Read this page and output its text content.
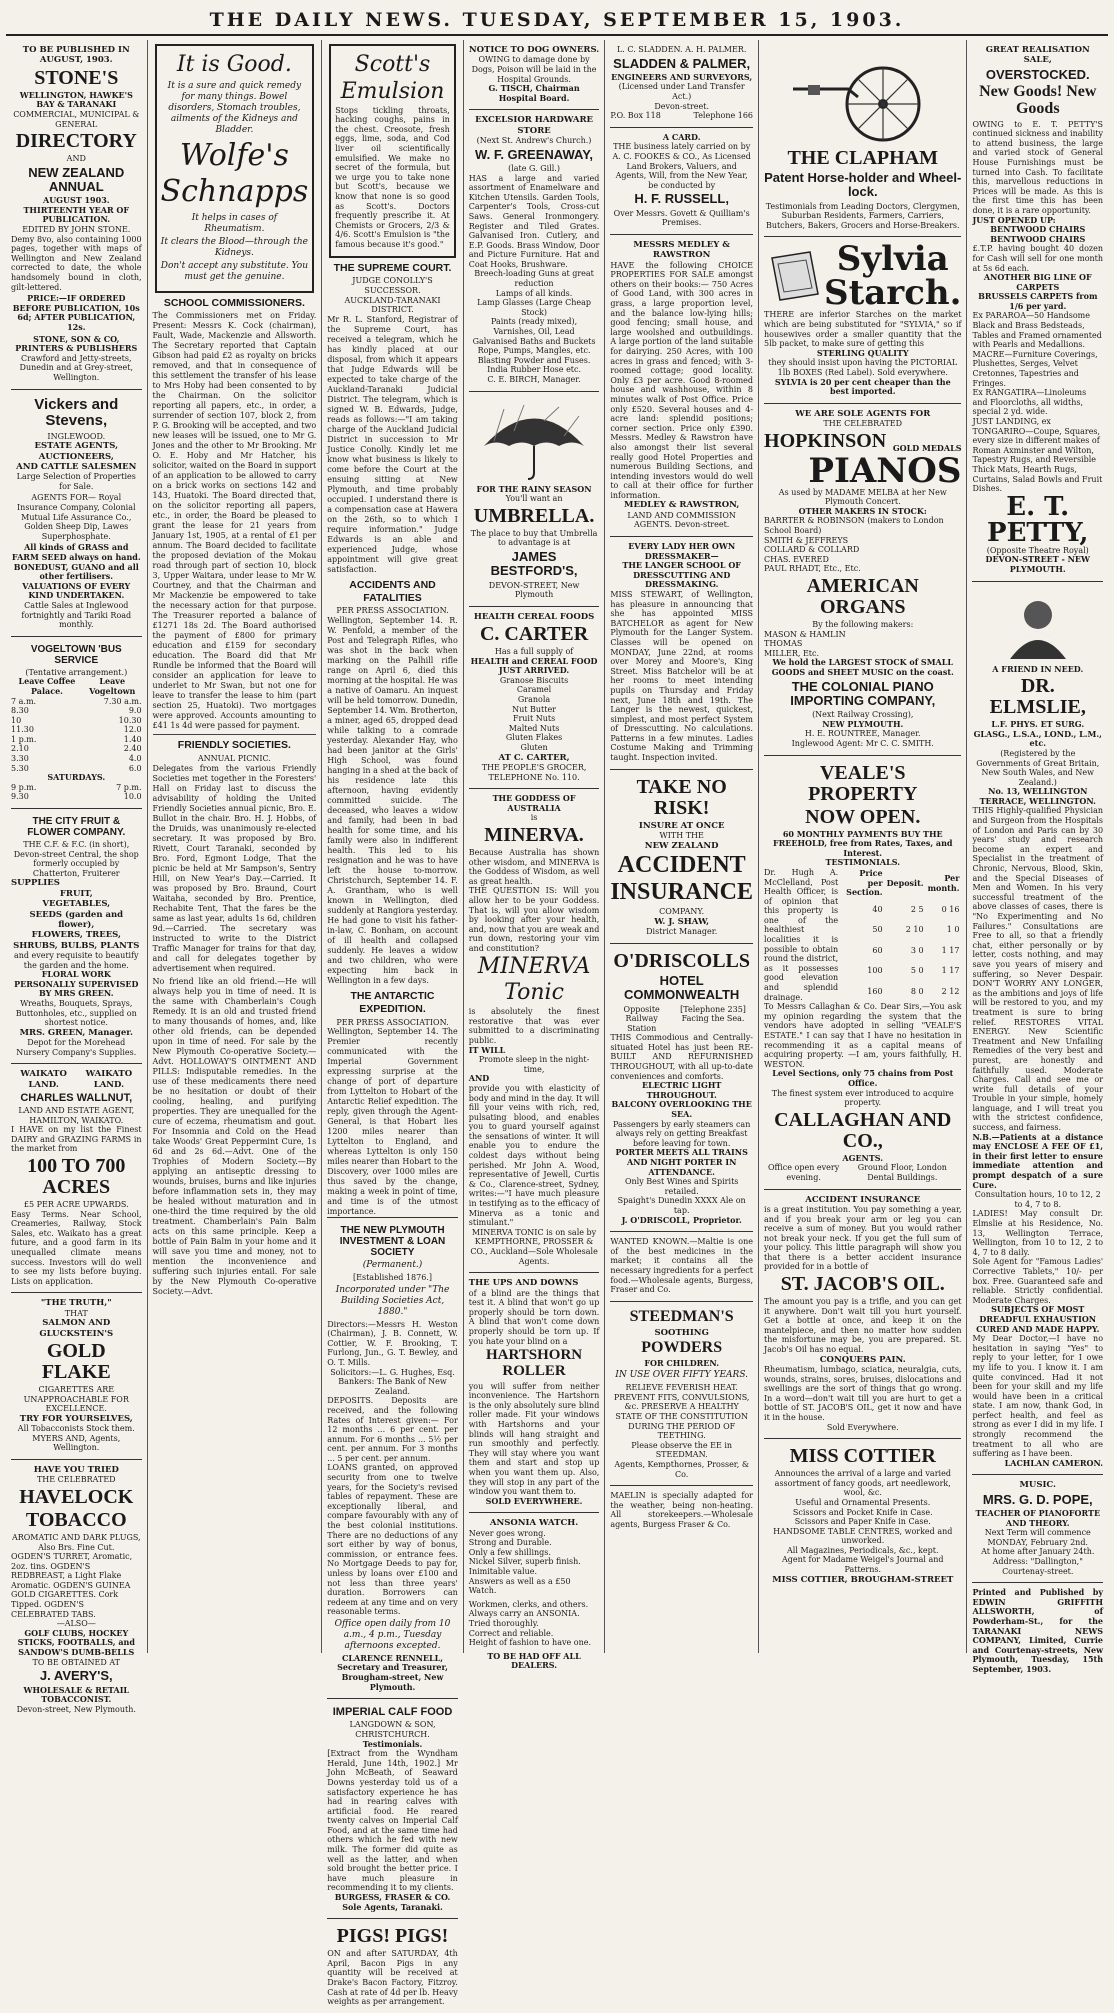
THE DAILY NEWS. TUESDAY, SEPTEMBER 15, 1903.
TO BE PUBLISHED IN AUGUST, 1903.
STONE'S
WELLINGTON, HAWKE'S BAY & TARANAKI
COMMERCIAL, MUNICIPAL & GENERAL
DIRECTORY
AND
NEW ZEALAND ANNUAL
AUGUST 1903. THIRTEENTH YEAR OF PUBLICATION.
EDITED BY JOHN STONE.
Demy 8vo, also containing 1000 pages, together with maps of Wellington and New Zealand corrected to date, the whole handsomely bound in cloth, gilt-lettered.
PRICE:—IF ORDERED BEFORE PUBLICATION, 10s 6d; AFTER PUBLICATION, 12s.
STONE, SON & CO, PRINTERS & PUBLISHERS
Crawford and Jetty-streets, Dunedin and at Grey-street, Wellington.
Vickers and Stevens,
INGLEWOOD.
ESTATE AGENTS,
AUCTIONEERS,
AND CATTLE SALESMEN
Large Selection of Properties for Sale.
AGENTS FOR— Royal Insurance Company, Colonial Mutual Life Assurance Co., Golden Sheep Dip, Lawes Superphosphate.
All kinds of GRASS and FARM SEED always on hand.
BONEDUST, GUANO and all other fertilisers.
VALUATIONS OF EVERY KIND UNDERTAKEN.
Cattle Sales at Inglewood fortnightly and Tariki Road monthly.
VOGELTOWN 'BUS SERVICE
(Tentative arrangement.)
Leave Coffee Palace.
Leave Vogeltown
7 a.m.	7.30 a.m.
8.30	9.0
10	10.30
11.30	12.0
1 p.m.	1.40
2.10	2.40
3.30	4.0
5.30	6.0
SATURDAYS.
9 p.m.	7 p.m.
9.30	10.0
THE CITY FRUIT & FLOWER COMPANY.
THE C.F. & F.C. (in short),
Devon-street Central, the shop formerly occupied by Chatterton, Fruiterer
SUPPLIES
FRUIT,
VEGETABLES,
SEEDS (garden and flower),
FLOWERS, TREES,
SHRUBS, BULBS, PLANTS
and every requisite to beautify the garden and the home.
FLORAL WORK PERSONALLY SUPERVISED BY MRS GREEN.
Wreaths, Bouquets, Sprays, Buttonholes, etc., supplied on shortest notice.
MRS. GREEN, Manager.
Depot for the Morehead Nursery Company's Supplies.
WAIKATO LAND.
WAIKATO LAND.
CHARLES WALLNUT,
LAND AND ESTATE AGENT,
HAMILTON, WAIKATO.
I HAVE on my list the Finest DAIRY and GRAZING FARMS in the market from
100 TO 700 ACRES
£5 PER ACRE UPWARDS.
Easy Terms. Near School, Creameries, Railway, Stock Sales, etc. Waikato has a great future, and a good farm in its unequalled climate means success. Investors will do well to see my lists before buying. Lists on application.
"THE TRUTH,"
THAT
SALMON AND GLUCKSTEIN'S
GOLD FLAKE
CIGARETTES ARE UNAPPROACHABLE FOR EXCELLENCE.
TRY FOR YOURSELVES,
All Tobacconists Stock them.
MYERS AND, Agents, Wellington.
HAVE YOU TRIED
THE CELEBRATED
HAVELOCK
TOBACCO
AROMATIC AND DARK PLUGS, Also Brs. Fine Cut.
OGDEN'S TURRET, Aromatic, 2oz. tins. OGDEN'S REDBREAST, a Light Flake Aromatic. OGDEN'S GUINEA GOLD CIGARETTES. Cork Tipped. OGDEN'S CELEBRATED TABS.
—ALSO—
GOLF CLUBS, HOCKEY STICKS, FOOTBALLS, and SANDOW'S DUMB-BELLS
TO BE OBTAINED AT
J. AVERY'S,
WHOLESALE & RETAIL TOBACCONIST.
Devon-street, New Plymouth.
It is Good.
It is a sure and quick remedy for many things. Bowel disorders, Stomach troubles, ailments of the Kidneys and Bladder.
Wolfe's
Schnapps
It helps in cases of Rheumatism.
It clears the Blood—through the Kidneys.
Don't accept any substitute. You must get the genuine.
SCHOOL COMMISSIONERS.
The Commissioners met on Friday. Present: Messrs K. Cock (chairman), Fault, Wade, Mackenzie and Allsworth. The Secretary reported that Captain Gibson had paid £2 as royalty on bricks removed, and that in consequence of this settlement the transfer of his lease to Mrs Hoby had been consented to by the Chairman. On the solicitor reporting all papers, etc., in order, a surrender of section 107, block 2, from P. G. Brooking will be accepted, and two new leases will be issued, one to Mr G. Jones and the other to Mr Brooking. Mr O. E. Hoby and Mr Hatcher, his solicitor, waited on the Board in support of an application to be allowed to carry on a brick works on sections 142 and 143, Huatoki. The Board directed that, on the solicitor reporting all papers, etc., in order, the Board be pleased to grant the lease for 21 years from January 1st, 1905, at a rental of £1 per annum. The Board decided to facilitate the proposed deviation of the Mokau road through part of section 10, block 3, Upper Waitara, under lease to Mr W. Courtney, and that the Chairman and Mr Mackenzie be empowered to take the necessary action for that purpose. The Treasurer reported a balance of £1271 18s 2d. The Board authorised the payment of £800 for primary education and £159 for secondary education. The Board did that Mr Rundle be informed that the Board will consider an application for leave to underlet to Mr Swan, but not one for leave to transfer the lease to him (part section 25, Huatoki). Two mortgages were approved. Accounts amounting to £41 1s 4d were passed for payment.
FRIENDLY SOCIETIES.
ANNUAL PICNIC.
Delegates from the various Friendly Societies met together in the Foresters' Hall on Friday last to discuss the advisability of holding the United Friendly Societies annual picnic, Bro. E. Bullot in the chair. Bro. H. J. Hobbs, of the Druids, was unanimously re-elected secretary. It was proposed by Bro. Rivett, Court Taranaki, seconded by Bro. Ford, Egmont Lodge, That the picnic be held at Mr Sampson's, Sentry Hill, on New Year's Day.—Carried. It was proposed by Bro. Braund, Court Waitaha, seconded by Bro. Prentice, Rechabite Tent, That the fares be the same as last year, adults 1s 6d, children 9d.—Carried. The secretary was instructed to write to the District Traffic Manager for trains for that day, and call for delegates together by advertisement when required.
No friend like an old friend.—He will always help you in time of need. It is the same with Chamberlain's Cough Remedy. It is an old and trusted friend to many thousands of homes, and, like other old friends, can be depended upon in time of need. For sale by the New Plymouth Co-operative Society.—Advt. HOLLOWAY'S OINTMENT AND PILLS: Indisputable remedies. In the use of these medicaments there need be no hesitation or doubt of their cooling, healing, and purifying properties. They are unequalled for the cure of eczema, rheumatism and gout. For Insomnia and Cold on the Head take Woods' Great Peppermint Cure, 1s 6d and 2s 6d.—Advt. One of the Trophies of Modern Society.—By applying an antiseptic dressing to wounds, bruises, burns and like injuries before inflammation sets in, they may be healed without maturation and in one-third the time required by the old treatment. Chamberlain's Pain Balm acts on this same principle. Keep a bottle of Pain Balm in your home and it will save you time and money, not to mention the inconvenience and suffering such injuries entail. For sale by the New Plymouth Co-operative Society.—Advt.
Scott's Emulsion
Stops tickling throats, hacking coughs, pains in the chest. Creosote, fresh eggs, lime, soda, and Cod liver oil scientifically emulsified. We make no secret of the formula, but we urge you to take none but Scott's, because we know that none is so good as Scott's. Doctors frequently prescribe it. At Chemists or Grocers, 2/3 & 4/6. Scott's Emulsion is "the famous because it's good."
THE SUPREME COURT.
JUDGE CONOLLY'S SUCCESSOR.
AUCKLAND-TARANAKI DISTRICT.
Mr R. L. Stanford, Registrar of the Supreme Court, has received a telegram, which he has kindly placed at our disposal, from which it appears that Judge Edwards will be expected to take charge of the Auckland-Taranaki Judicial District. The telegram, which is signed W. B. Edwards, Judge, reads as follows:—"I am taking charge of the Auckland Judicial District in succession to Mr Justice Conolly. Kindly let me know what business is likely to come before the Court at the ensuing sitting at New Plymouth, and time probably occupied. I understand there is a compensation case at Hawera on the 26th, so to which I require information." Judge Edwards is an able and experienced Judge, whose appointment will give great satisfaction.
ACCIDENTS AND FATALITIES
PER PRESS ASSOCIATION.
Wellington, September 14. R. W. Penfold, a member of the Post and Telegraph Rifles, who was shot in the back when marking on the Palhill rifle range on April 6, died this morning at the hospital. He was a native of Oamaru. An inquest will be held tomorrow. Dunedin, September 14. Wm. Brotherton, a miner, aged 65, dropped dead while talking to a comrade yesterday. Alexander Hay, who had been janitor at the Girls' High School, was found hanging in a shed at the back of his residence late this afternoon, having evidently committed suicide. The deceased, who leaves a widow and family, had been in bad health for some time, and his family were also in indifferent health. This led to his resignation and he was to have left the house to-morrow. Christchurch, September 14. F. A. Grantham, who is well known in Wellington, died suddenly at Rangiora yesterday. He had gone to visit his father-in-law, C. Bonham, on account of ill health and collapsed suddenly. He leaves a widow and two children, who were expecting him back in Wellington in a few days.
THE ANTARCTIC EXPEDITION.
PER PRESS ASSOCIATION.
Wellington, September 14. The Premier recently communicated with the Imperial Government expressing surprise at the change of port of departure from Lyttelton to Hobart of the Antarctic Relief expedition. The reply, given through the Agent-General, is that Hobart lies 1200 miles nearer than Lyttelton to England, and whereas Lyttelton is only 150 miles nearer than Hobart to the Discovery, over 1000 miles are thus saved by the change, making a week in point of time, and time is of the utmost importance.
THE NEW PLYMOUTH INVESTMENT & LOAN SOCIETY
(Permanent.)
[Established 1876.]
Incorporated under "The Building Societies Act, 1880."
Directors:—Messrs H. Weston (Chairman), J. B. Connett, W. Cottier, W. F. Brooking, T. Furlong, Jun., G. T. Bewley, and O. T. Mills.
Solicitors:—L. G. Hughes, Esq.
Bankers: The Bank of New Zealand.
DEPOSITS. Deposits are received, and the following Rates of Interest given:— For 12 months ... 6 per cent. per annum. For 6 months ... 5½ per cent. per annum. For 3 months ... 5 per cent. per annum.
LOANS granted, on approved security from one to twelve years, for the Society's revised tables of repayment. These are exceptionally liberal, and compare favourably with any of the best colonial institutions. There are no deductions of any sort either by way of bonus, commission, or entrance fees. No Mortgage Deeds to pay for, unless by loans over £100 and not less than three years' duration. Borrowers can redeem at any time and on very reasonable terms.
Office open daily from 10 a.m., 4 p.m., Tuesday afternoons excepted.
CLARENCE RENNELL, Secretary and Treasurer, Brougham-street, New Plymouth.
IMPERIAL CALF FOOD
LANGDOWN & SON, CHRISTCHURCH.
Testimonials.
[Extract from the Wyndham Herald, June 14th, 1902.] Mr John McBeath, of Seaward Downs yesterday told us of a satisfactory experience he has had in rearing calves with artificial food. He reared twenty calves on Imperial Calf Food, and at the same time had others which he fed with new milk. The former did quite as well as the latter, and when sold brought the better price. I have much pleasure in recommending it to my clients.
BURGESS, FRASER & CO. Sole Agents, Taranaki.
PIGS! PIGS!
ON and after SATURDAY, 4th April, Bacon Pigs in any quantity will be received at Drake's Bacon Factory, Fitzroy. Cash at rate of 4d per lb. Heavy weights as per arrangement.
NOTICE TO DOG OWNERS.
OWING to damage done by Dogs, Poison will be laid in the Hospital Grounds.
G. TISCH, Chairman Hospital Board.
EXCELSIOR HARDWARE STORE
(Next St. Andrew's Church.)
W. F. GREENAWAY,
(late G. Gill.)
HAS a large and varied assortment of Enamelware and Kitchen Utensils. Garden Tools, Carpenter's Tools, Cross-cut Saws. General Ironmongery. Register and Tiled Grates. Galvanised Iron. Cutlery, and E.P. Goods. Brass Window, Door and Picture Furniture. Hat and Coat Hooks, Brushware.
Breech-loading Guns at great reduction
Lamps of all kinds.
Lamp Glasses (Large Cheap Stock)
Paints (ready mixed), Varnishes, Oil, Lead
Galvanised Baths and Buckets
Rope, Pumps, Mangles, etc.
Blasting Powder and Fuses.
India Rubber Hose etc.
C. E. BIRCH, Manager.
FOR THE RAINY SEASON
You'll want an
UMBRELLA.
The place to buy that Umbrella to advantage is at
JAMES BESTFORD'S,
DEVON-STREET, New Plymouth
HEALTH CEREAL FOODS
C. CARTER
Has a full supply of
HEALTH and CEREAL FOOD JUST ARRIVED.
Granose Biscuits
Caramel
Granola
Nut Butter
Fruit Nuts
Malted Nuts
Gluten Flakes
Gluten
AT C. CARTER,
THE PEOPLE'S GROCER,
TELEPHONE No. 110.
THE GODDESS OF AUSTRALIA
is
MINERVA.
Because Australia has shown other wisdom, and MINERVA is the Goddess of Wisdom, as well as great health.
THE QUESTION IS: Will you allow her to be your Goddess. That is, will you allow wisdom by looking after your health, and, now that you are weak and run down, restoring your vim and constitution?
MINERVA Tonic
is absolutely the finest restorative that was ever submitted to a discriminating public.
IT WILL
Promote sleep in the night-time,
AND
provide you with elasticity of body and mind in the day. It will fill your veins with rich, red, pulsating blood, and enables you to guard yourself against the sensations of winter. It will enable you to endure the coldest days without being perished. Mr John A. Wood, representative of Jewell, Curtis & Co., Clarence-street, Sydney, writes:—"I have much pleasure in testifying as to the efficacy of Minerva as a tonic and stimulant."
MINERVA TONIC is on sale by KEMPTHORNE, PROSSER & CO., Auckland—Sole Wholesale Agents.
THE UPS AND DOWNS
of a blind are the things that test it. A blind that won't go up properly should be torn down. A blind that won't come down properly should be torn up. If you hate your blind on a
HARTSHORN ROLLER
you will suffer from neither inconvenience. The Hartshorn is the only absolutely sure blind roller made. Fit your windows with Hartshorns and your blinds will hang straight and run smoothly and perfectly. They will stay where you want them and start and stop up when you want them up. Also, they will stop in any part of the window you want them to.
SOLD EVERYWHERE.
ANSONIA WATCH.
Never goes wrong.
Strong and Durable.
Only a few shillings.
Nickel Silver, superb finish.
Inimitable value.
Answers as well as a £50 Watch.
Workmen, clerks, and others.
Always carry an ANSONIA.
Tried thoroughly.
Correct and reliable.
Height of fashion to have one.
TO BE HAD OFF ALL DEALERS.
L. C. SLADDEN. A. H. PALMER.
SLADDEN & PALMER,
ENGINEERS AND SURVEYORS,
(Licensed under Land Transfer Act.)
Devon-street.
P.O. Box 118	Telephone 166
A CARD.
THE business lately carried on by A. C. FOOKES & CO., As Licensed Land Brokers, Valuers, and Agents, Will, from the New Year, be conducted by
H. F. RUSSELL,
Over Messrs. Govett & Quilliam's Premises.
MESSRS MEDLEY & RAWSTRON
HAVE the following CHOICE PROPERTIES FOR SALE amongst others on their books:— 750 Acres of Good Land, with 300 acres in grass, a large proportion level, and the balance low-lying hills; good fencing; small house, and large woolshed and outbuildings. A large portion of the land suitable for dairying. 250 Acres, with 100 acres in grass and fenced; with 3-roomed cottage; good locality. Only £3 per acre. Good 8-roomed house and washhouse, within 8 minutes walk of Post Office. Price only £520. Several houses and 4-acre land: splendid positions; corner section. Price only £390. Messrs. Medley & Rawstron have also amongst their list several really good Hotel Properties and numerous Building Sections, and intending investors would do well to call at their office for further information.
MEDLEY & RAWSTRON,
LAND AND COMMISSION AGENTS. Devon-street.
EVERY LADY HER OWN DRESSMAKER—
THE LANGER SCHOOL OF DRESSCUTTING AND DRESSMAKING.
MISS STEWART, of Wellington, has pleasure in announcing that she has appointed MISS BATCHELOR as agent for New Plymouth for the Langer System. Classes will be opened on MONDAY, June 22nd, at rooms over Morey and Moore's, King Street. Miss Batchelor will be at her rooms to meet intending pupils on Thursday and Friday next, June 18th and 19th. The Langer is the newest, quickest, simplest, and most perfect System of Dresscutting. No calculations. Patterns in a few minutes. Ladies Costume Making and Trimming taught. Inspection invited.
TAKE NO RISK!
INSURE AT ONCE
WITH THE
NEW ZEALAND
ACCIDENT
INSURANCE
COMPANY.
W. J. SHAW,
District Manager.
O'DRISCOLLS
HOTEL COMMONWEALTH
Opposite Railway Station
[Telephone 235] Facing the Sea.
THIS Commodious and Centrally-situated Hotel has just been RE-BUILT AND REFURNISHED THROUGHOUT, with all up-to-date conveniences and comforts.
ELECTRIC LIGHT THROUGHOUT.
BALCONY OVERLOOKING THE SEA.
Passengers by early steamers can always rely on getting Breakfast before leaving for town.
PORTER MEETS ALL TRAINS AND NIGHT PORTER IN ATTENDANCE.
Only Best Wines and Spirits retailed.
Spaight's Dunedin XXXX Ale on tap.
J. O'DRISCOLL, Proprietor.
WANTED KNOWN.—Maltie is one of the best medicines in the market; it contains all the necessary ingredients for a perfect food.—Wholesale agents, Burgess, Fraser and Co.
STEEDMAN'S
SOOTHING
POWDERS
FOR CHILDREN.
IN USE OVER FIFTY YEARS.
RELIEVE FEVERISH HEAT. PREVENT FITS, CONVULSIONS, &c. PRESERVE A HEALTHY STATE OF THE CONSTITUTION DURING THE PERIOD OF TEETHING.
Please observe the EE in STEEDMAN.
Agents, Kempthornes, Prosser, & Co.
MAELIN is specially adapted for the weather, being non-heating. All storekeepers.—Wholesale agents, Burgess Fraser & Co.
THE CLAPHAM
Patent Horse-holder and Wheel-lock.
Testimonials from Leading Doctors, Clergymen, Suburban Residents, Farmers, Carriers, Butchers, Bakers, Grocers and Horse-Breakers.
Sylvia
Starch.
THERE are inferior Starches on the market which are being substituted for "SYLVIA," so if housewives order a smaller quantity that the 5lb packet, to make sure of getting this
STERLING QUALITY
they should insist upon having the PICTORIAL 1lb BOXES (Red Label). Sold everywhere.
SYLVIA is 20 per cent cheaper than the best imported.
WE ARE SOLE AGENTS FOR
THE CELEBRATED
HOPKINSON GOLD MEDALS
PIANOS
As used by MADAME MELBA at her New Plymouth Concert.
OTHER MAKERS IN STOCK:
BARRTER & ROBINSON (makers to London School Board)
SMITH & JEFFREYS
COLLARD & COLLARD
CHAS. EVERED
PAUL RHADT, Etc., Etc.
AMERICAN ORGANS
By the following makers:
MASON & HAMLIN
THOMAS
MILLER, Etc.
We hold the LARGEST STOCK of SMALL GOODS and SHEET MUSIC on the coast.
THE COLONIAL PIANO IMPORTING COMPANY,
(Next Railway Crossing),
NEW PLYMOUTH.
H. E. ROUNTREE, Manager.
Inglewood Agent: Mr C. C. SMITH.
VEALE'S PROPERTY
NOW OPEN.
60 MONTHLY PAYMENTS BUY THE FREEHOLD, free from Rates, Taxes, and Interest.
TESTIMONIALS.
Dr. Hugh A. McClelland, Post Health Officer, is of opinion that this property is one of the healthiest localities it is possible to obtain round the district, as it possesses good elevation and splendid drainage.
Price per Section.	Deposit.	Per month.
40	2 5	0 16
50	2 10	1 0
60	3 0	1 17
100	5 0	1 17
160	8 0	2 12
To Messrs Callaghan & Co. Dear Sirs,—You ask my opinion regarding the system that the vendors have adopted in selling "VEALE'S ESTATE." I can say that I have no hesitation in recommending it as a capital means of acquiring property. —I am, yours faithfully, H. WESTON.
Level Sections, only 75 chains from Post Office.
The finest system ever introduced to acquire property.
CALLAGHAN AND CO.,
AGENTS.
Office open every evening.
Ground Floor, London Dental Buildings.
ACCIDENT INSURANCE
is a great institution. You pay something a year, and if you break your arm or leg you can receive a sum of money. But you would rather not break your neck. If you get the full sum of your policy. This little paragraph will show you that there is a better accident insurance provided for in a bottle of
ST. JACOB'S OIL.
The amount you pay is a trifle, and you can get it anywhere. Don't wait till you hurt yourself. Get a bottle at once, and keep it on the mantelpiece, and then no matter how sudden the misfortune may be, you are prepared. St. Jacob's Oil has no equal.
CONQUERS PAIN.
Rheumatism, lumbago, sciatica, neuralgia, cuts, wounds, strains, sores, bruises, dislocations and swellings are the sort of things that go wrong. In a word—don't wait till you are hurt to get a bottle of ST. JACOB'S OIL, get it now and have it in the house.
Sold Everywhere.
MISS COTTIER
Announces the arrival of a large and varied assortment of fancy goods, art needlework, wool, &c.
Useful and Ornamental Presents.
Scissors and Pocket Knife in Case.
Scissors and Paper Knife in Case.
HANDSOME TABLE CENTRES, worked and unworked.
All Magazines, Periodicals, &c., kept.
Agent for Madame Weigel's Journal and Patterns.
MISS COTTIER, BROUGHAM-STREET
GREAT REALISATION SALE,
OVERSTOCKED.
New Goods! New Goods
OWING to E. T. PETTY'S continued sickness and inability to attend business, the large and varied stock of General House Furnishings must be turned into Cash. To facilitate this, marvellous reductions in Prices will be made. As this is the first time this has been done, it is a rare opportunity.
JUST OPENED UP:
BENTWOOD CHAIRS
BENTWOOD CHAIRS
£.T.P. having bought 40 dozen for Cash will sell for one month at 5s 6d each.
ANOTHER BIG LINE OF CARPETS
BRUSSELS CARPETS from 1/6 per yard.
Ex PARAROA—50 Handsome Black and Brass Bedsteads, Tables and Framed ornamented with Pearls and Medallions.
MACRE—Furniture Coverings, Plushettes, Serges, Velvet Cretonnes, Tapestries and Fringes.
Ex RANGATIRA—Linoleums and Floorcloths, all widths, special 2 yd. wide.
JUST LANDING, ex TONGARIRO—Coupe, Squares, every size in different makes of Roman Axminster and Wilton, Tapestry Rugs, and Reversible Thick Mats, Hearth Rugs, Curtains, Salad Bowls and Fruit Dishes.
E. T. PETTY,
(Opposite Theatre Royal)
DEVON-STREET - NEW PLYMOUTH.
A FRIEND IN NEED.
DR. ELMSLIE,
L.F. PHYS. ET SURG. GLASG., L.S.A., LOND., L.M., etc.
(Registered by the Governments of Great Britain, New South Wales, and New Zealand.)
No. 13, WELLINGTON TERRACE, WELLINGTON.
THIS Highly-qualified Physician and Surgeon from the Hospitals of London and Paris can by 30 years' study and research become an expert and Specialist in the treatment of Chronic, Nervous, Blood, Skin, and the Special Diseases of Men and Women. In his very successful treatment of the above classes of cases, there is "No Experimenting and No Failures." Consultations are Free to all, so that a friendly chat, either personally or by letter, costs nothing, and may save you years of misery and suffering, so Never Despair. DON'T WORRY ANY LONGER, as the ambitions and joys of life will be restored to you, and my treatment is sure to bring relief. RESTORES VITAL ENERGY. New Scientific Treatment and New Unfailing Remedies of the very best and purest, are honestly and faithfully used. Moderate Charges. Call and see me or write full details of your Trouble in your simple, homely language, and I will treat you with the strictest confidence, success, and fairness.
N.B.—Patients at a distance may ENCLOSE A FEE OF £1, in their first letter to ensure immediate attention and prompt despatch of a sure Cure.
Consultation hours, 10 to 12, 2 to 4, 7 to 8.
LADIES! May consult Dr. Elmslie at his Residence, No. 13, Wellington Terrace, Wellington, from 10 to 12, 2 to 4, 7 to 8 daily.
Sole Agent for "Famous Ladies' Corrective Tablets," 10/- per box. Free. Guaranteed safe and reliable. Strictly confidential. Moderate Charges.
SUBJECTS OF MOST DREADFUL EXHAUSTION CURED AND MADE HAPPY.
My Dear Doctor,—I have no hesitation in saying "Yes" to reply to your letter, for I owe my life to you. I know it. I am quite convinced. Had it not been for your skill and my life would have been in a critical state. I am now, thank God, in perfect health, and feel as strong as ever I did in my life. I strongly recommend the treatment to all who are suffering as I have been.
LACHLAN CAMERON.
MUSIC.
MRS. G. D. POPE,
TEACHER OF PIANOFORTE AND THEORY.
Next Term will commence MONDAY, February 2nd.
At home after January 24th.
Address: "Dallington," Courtenay-street.
Printed and Published by EDWIN GRIFFITH ALLSWORTH, of Powderham-St., for the TARANAKI NEWS COMPANY, Limited, Currie and Courtenay-streets, New Plymouth, Tuesday, 15th September, 1903.
